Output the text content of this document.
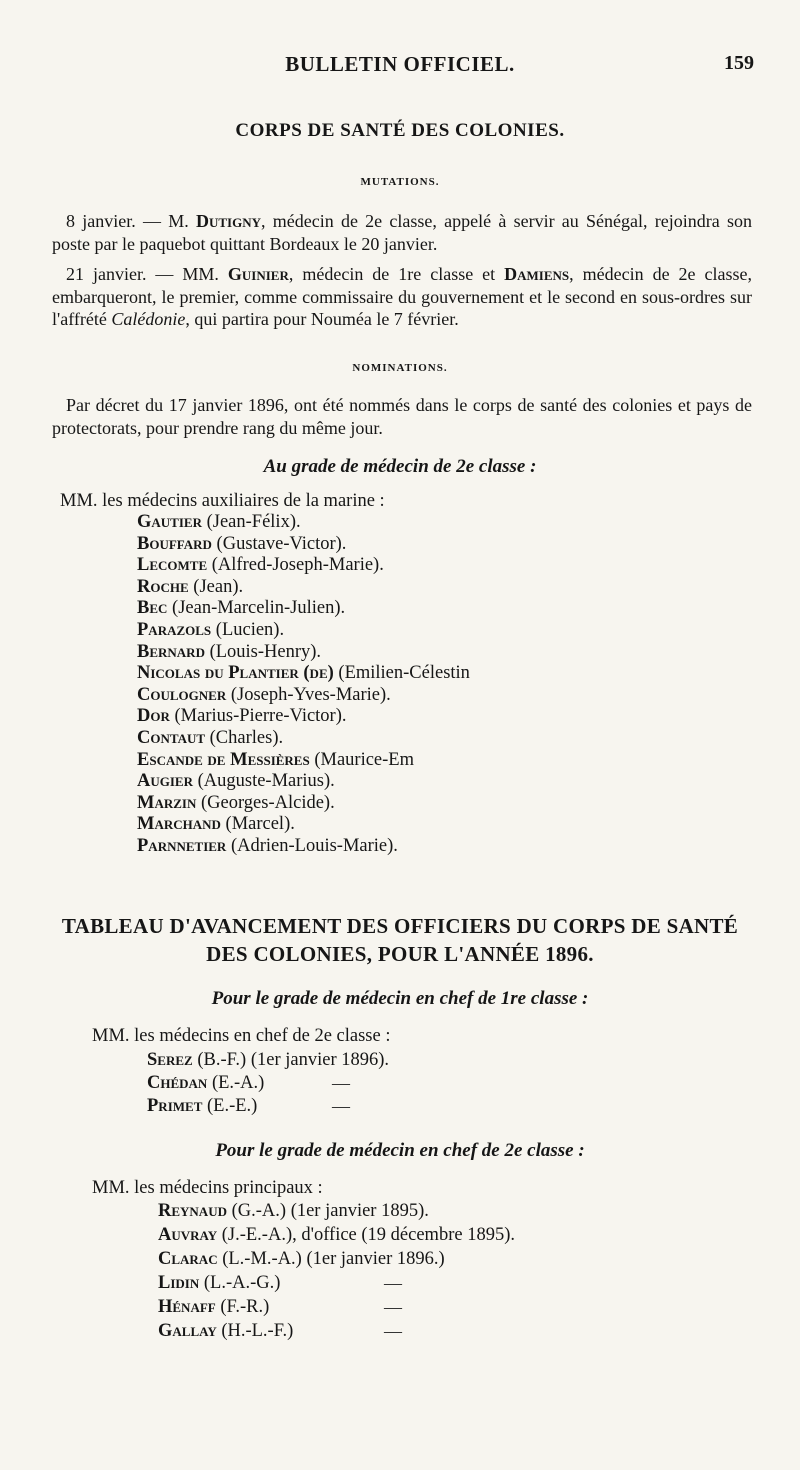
BULLETIN OFFICIEL.	159
CORPS DE SANTÉ DES COLONIES.
MUTATIONS.
8 janvier. — M. Dutigny, médecin de 2e classe, appelé à servir au Sénégal, rejoindra son poste par le paquebot quittant Bordeaux le 20 janvier.
21 janvier. — MM. Guinier, médecin de 1re classe et Damiens, médecin de 2e classe, embarqueront, le premier, comme commissaire du gouvernement et le second en sous-ordres sur l'affrété Calédonie, qui partira pour Nouméa le 7 février.
NOMINATIONS.
Par décret du 17 janvier 1896, ont été nommés dans le corps de santé des colonies et pays de protectorats, pour prendre rang du même jour.
Au grade de médecin de 2e classe :
MM. les médecins auxiliaires de la marine :
Gautier (Jean-Félix).
Bouffard (Gustave-Victor).
Lecomte (Alfred-Joseph-Marie).
Roche (Jean).
Bec (Jean-Marcelin-Julien).
Parazols (Lucien).
Bernard (Louis-Henry).
Nicolas du Plantier (de) (Emilien-Célestin
Coulogner (Joseph-Yves-Marie).
Dor (Marius-Pierre-Victor).
Contaut (Charles).
Escande de Messières (Maurice-Em
Augier (Auguste-Marius).
Marzin (Georges-Alcide).
Marchand (Marcel).
Parnnetier (Adrien-Louis-Marie).
TABLEAU D'AVANCEMENT DES OFFICIERS DU CORPS DE SANTÉ
DES COLONIES, POUR L'ANNÉE 1896.
Pour le grade de médecin en chef de 1re classe :
MM. les médecins en chef de 2e classe :
Serez (B.-F.) (1er janvier 1896).
Chédan (E.-A.)	—
Primet (E.-E.)	—
Pour le grade de médecin en chef de 2e classe :
MM. les médecins principaux :
Reynaud (G.-A.) (1er janvier 1895).
Auvray (J.-E.-A.), d'office (19 décembre 1895).
Clarac (L.-M.-A.) (1er janvier 1896.)
Lidin (L.-A.-G.)	—
Hénaff (F.-R.)	—
Gallay (H.-L.-F.)	—
